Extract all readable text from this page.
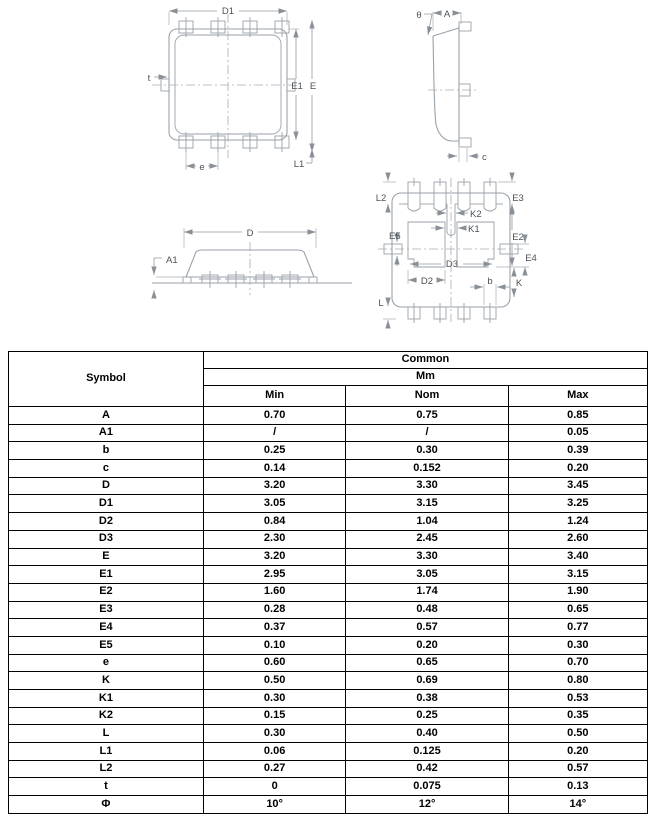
D1
E1 E
t
e	L1
A
θ
c
D
A1
L2	E3
K2
K1
E5	E2
E4
K
D3
D2	b
L
Symbol	Common		
	Mm		
	Min	Nom	Max
A	0.70	0.75	0.85
A1	/	/	0.05
b	0.25	0.30	0.39
c	0.14	0.152	0.20
D	3.20	3.30	3.45
D1	3.05	3.15	3.25
D2	0.84	1.04	1.24
D3	2.30	2.45	2.60
E	3.20	3.30	3.40
E1	2.95	3.05	3.15
E2	1.60	1.74	1.90
E3	0.28	0.48	0.65
E4	0.37	0.57	0.77
E5	0.10	0.20	0.30
e	0.60	0.65	0.70
K	0.50	0.69	0.80
K1	0.30	0.38	0.53
K2	0.15	0.25	0.35
L	0.30	0.40	0.50
L1	0.06	0.125	0.20
L2	0.27	0.42	0.57
t	0	0.075	0.13
Φ	10°	12°	14°
